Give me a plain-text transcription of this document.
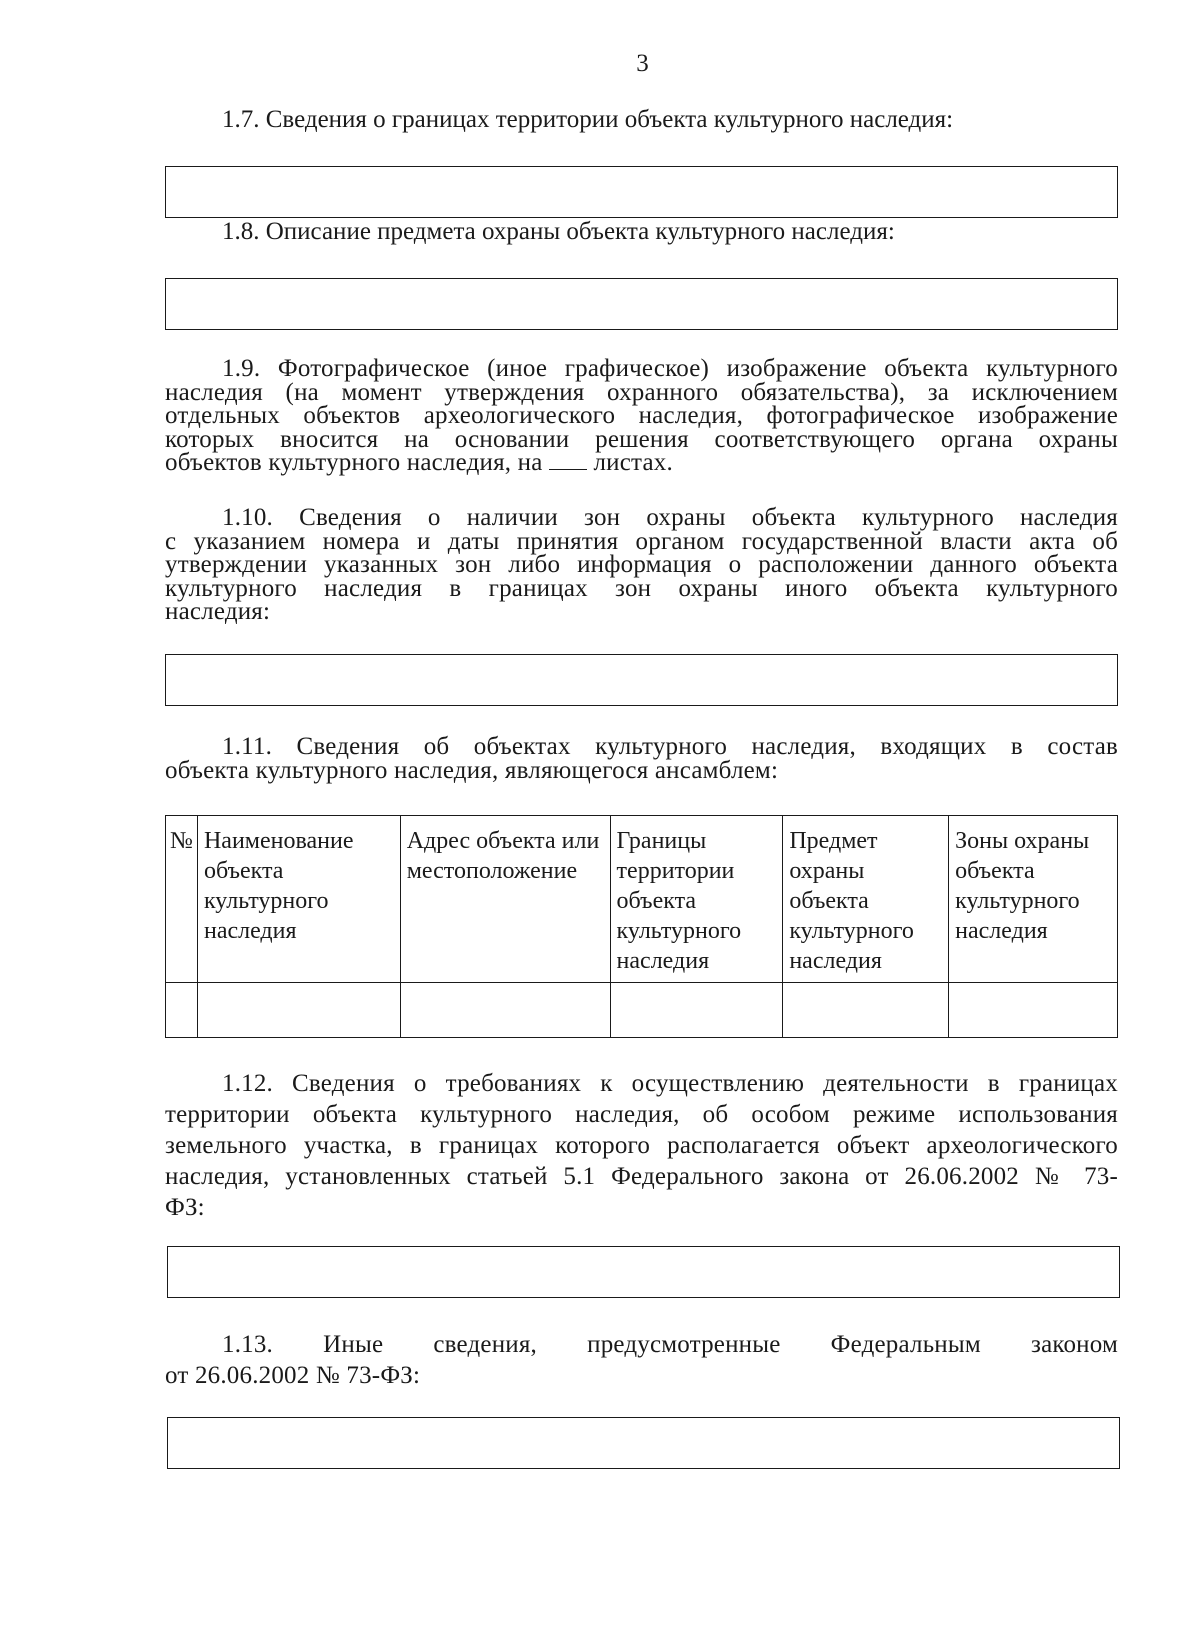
3
1.7. Сведения о границах территории объекта культурного наследия:
1.8. Описание предмета охраны объекта культурного наследия:
1.9. Фотографическое (иное графическое) изображение объекта культурного
наследия (на момент утверждения охранного обязательства), за исключением
отдельных объектов археологического наследия, фотографическое изображение
которых вносится на основании решения соответствующего органа охраны
объектов культурного наследия, на листах.
1.10. Сведения о наличии зон охраны объекта культурного наследия
с указанием номера и даты принятия органом государственной власти акта об
утверждении указанных зон либо информация о расположении данного объекта
культурного наследия в границах зон охраны иного объекта культурного
наследия:
1.11. Сведения об объектах культурного наследия, входящих в состав
объекта культурного наследия, являющегося ансамблем:
№	Наименование объекта культурного наследия	Адрес объекта или местоположение	Границы территории объекта культурного наследия	Предмет охраны объекта культурного наследия	Зоны охраны объекта культурного наследия

1.12. Сведения о требованиях к осуществлению деятельности в границах
территории объекта культурного наследия, об особом режиме использования
земельного участка, в границах которого располагается объект археологического
наследия, установленных статьей 5.1 Федерального закона от 26.06.2002 № 73-
ФЗ:
1.13. Иные сведения, предусмотренные Федеральным законом
от 26.06.2002 № 73-ФЗ:
